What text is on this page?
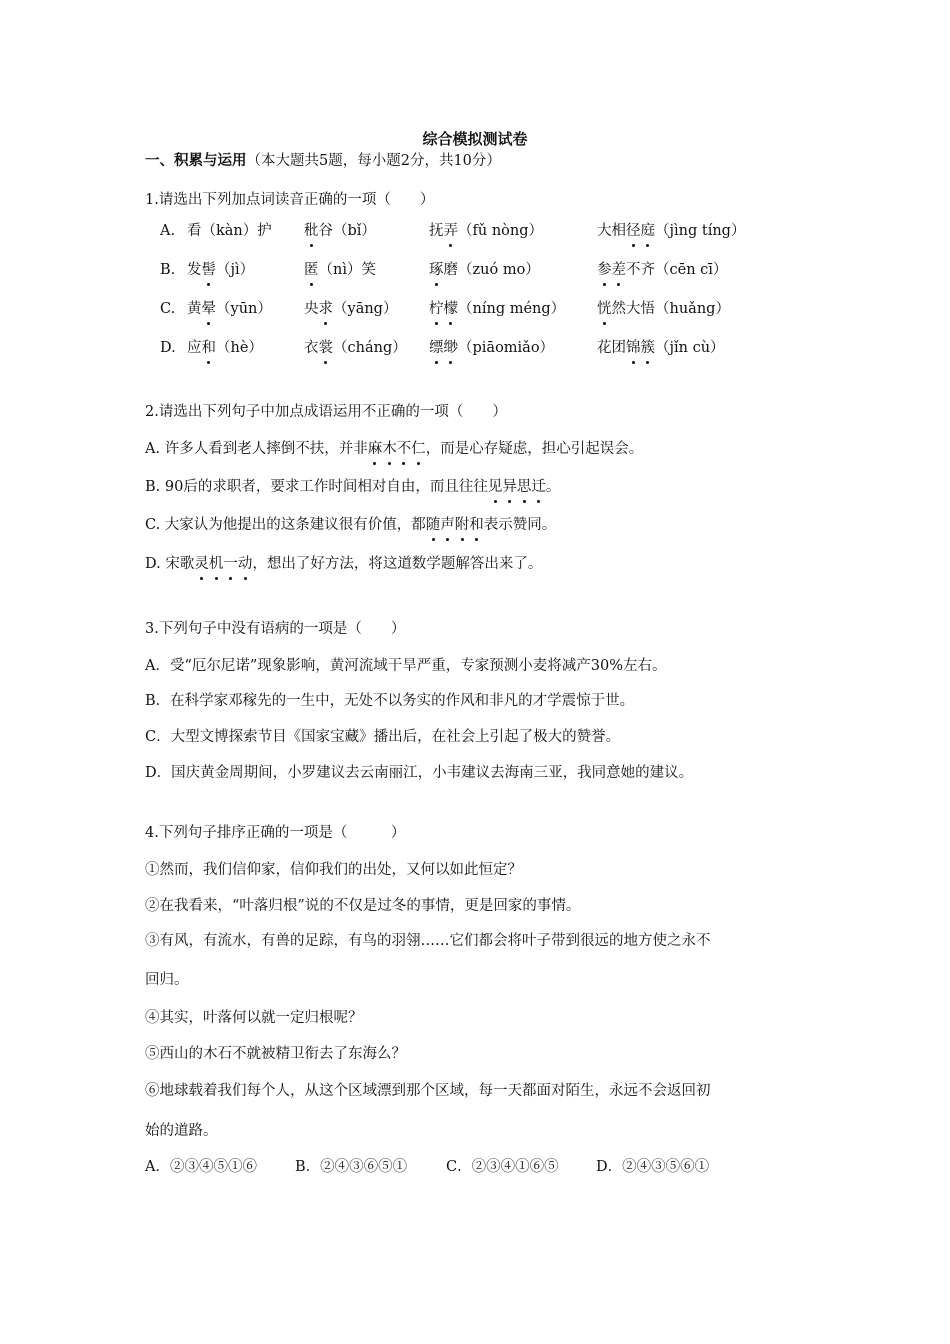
综合模拟测试卷
一、积累与运用（本大题共5题，每小题2分，共10分）
1.请选出下列加点词读音正确的一项（　　）
A. 看（kàn）护 秕谷（bǐ）	抚弄（fǔ nòng）	大相径庭（jìng tíng）
B. 发髻（jì）	匿（nì）笑	琢磨（zuó mo）	参差不齐（cēn cī）
C. 黄晕（yūn） 央求（yāng） 柠檬（níng méng） 恍然大悟（huǎng）
D. 应和（hè）	衣裳（cháng） 缥缈（piāomiǎo）	花团锦簇（jǐn cù）
2.请选出下列句子中加点成语运用不正确的一项（　　）
A. 许多人看到老人摔倒不扶，并非麻木不仁，而是心存疑虑，担心引起误会。
B. 90后的求职者，要求工作时间相对自由，而且往往见异思迁。
C. 大家认为他提出的这条建议很有价值，都随声附和表示赞同。
D. 宋歌灵机一动，想出了好方法，将这道数学题解答出来了。
3.下列句子中没有语病的一项是（　　）
A．受“厄尔尼诺”现象影响，黄河流域干旱严重，专家预测小麦将减产30%左右。
B．在科学家邓稼先的一生中，无处不以务实的作风和非凡的才学震惊于世。
C．大型文博探索节目《国家宝藏》播出后，在社会上引起了极大的赞誉。
D．国庆黄金周期间，小罗建议去云南丽江，小韦建议去海南三亚，我同意她的建议。
4.下列句子排序正确的一项是（　　　）
①然而，我们信仰家，信仰我们的出处，又何以如此恒定？
②在我看来，“叶落归根”说的不仅是过冬的事情，更是回家的事情。
③有风，有流水，有兽的足踪，有鸟的羽翎……它们都会将叶子带到很远的地方使之永不
回归。
④其实，叶落何以就一定归根呢？
⑤西山的木石不就被精卫衔去了东海么？
⑥地球载着我们每个人，从这个区域漂到那个区域，每一天都面对陌生，永远不会返回初
始的道路。
A．②③④⑤①⑥	B．②④③⑥⑤①	C．②③④①⑥⑤	D．②④③⑤⑥①
